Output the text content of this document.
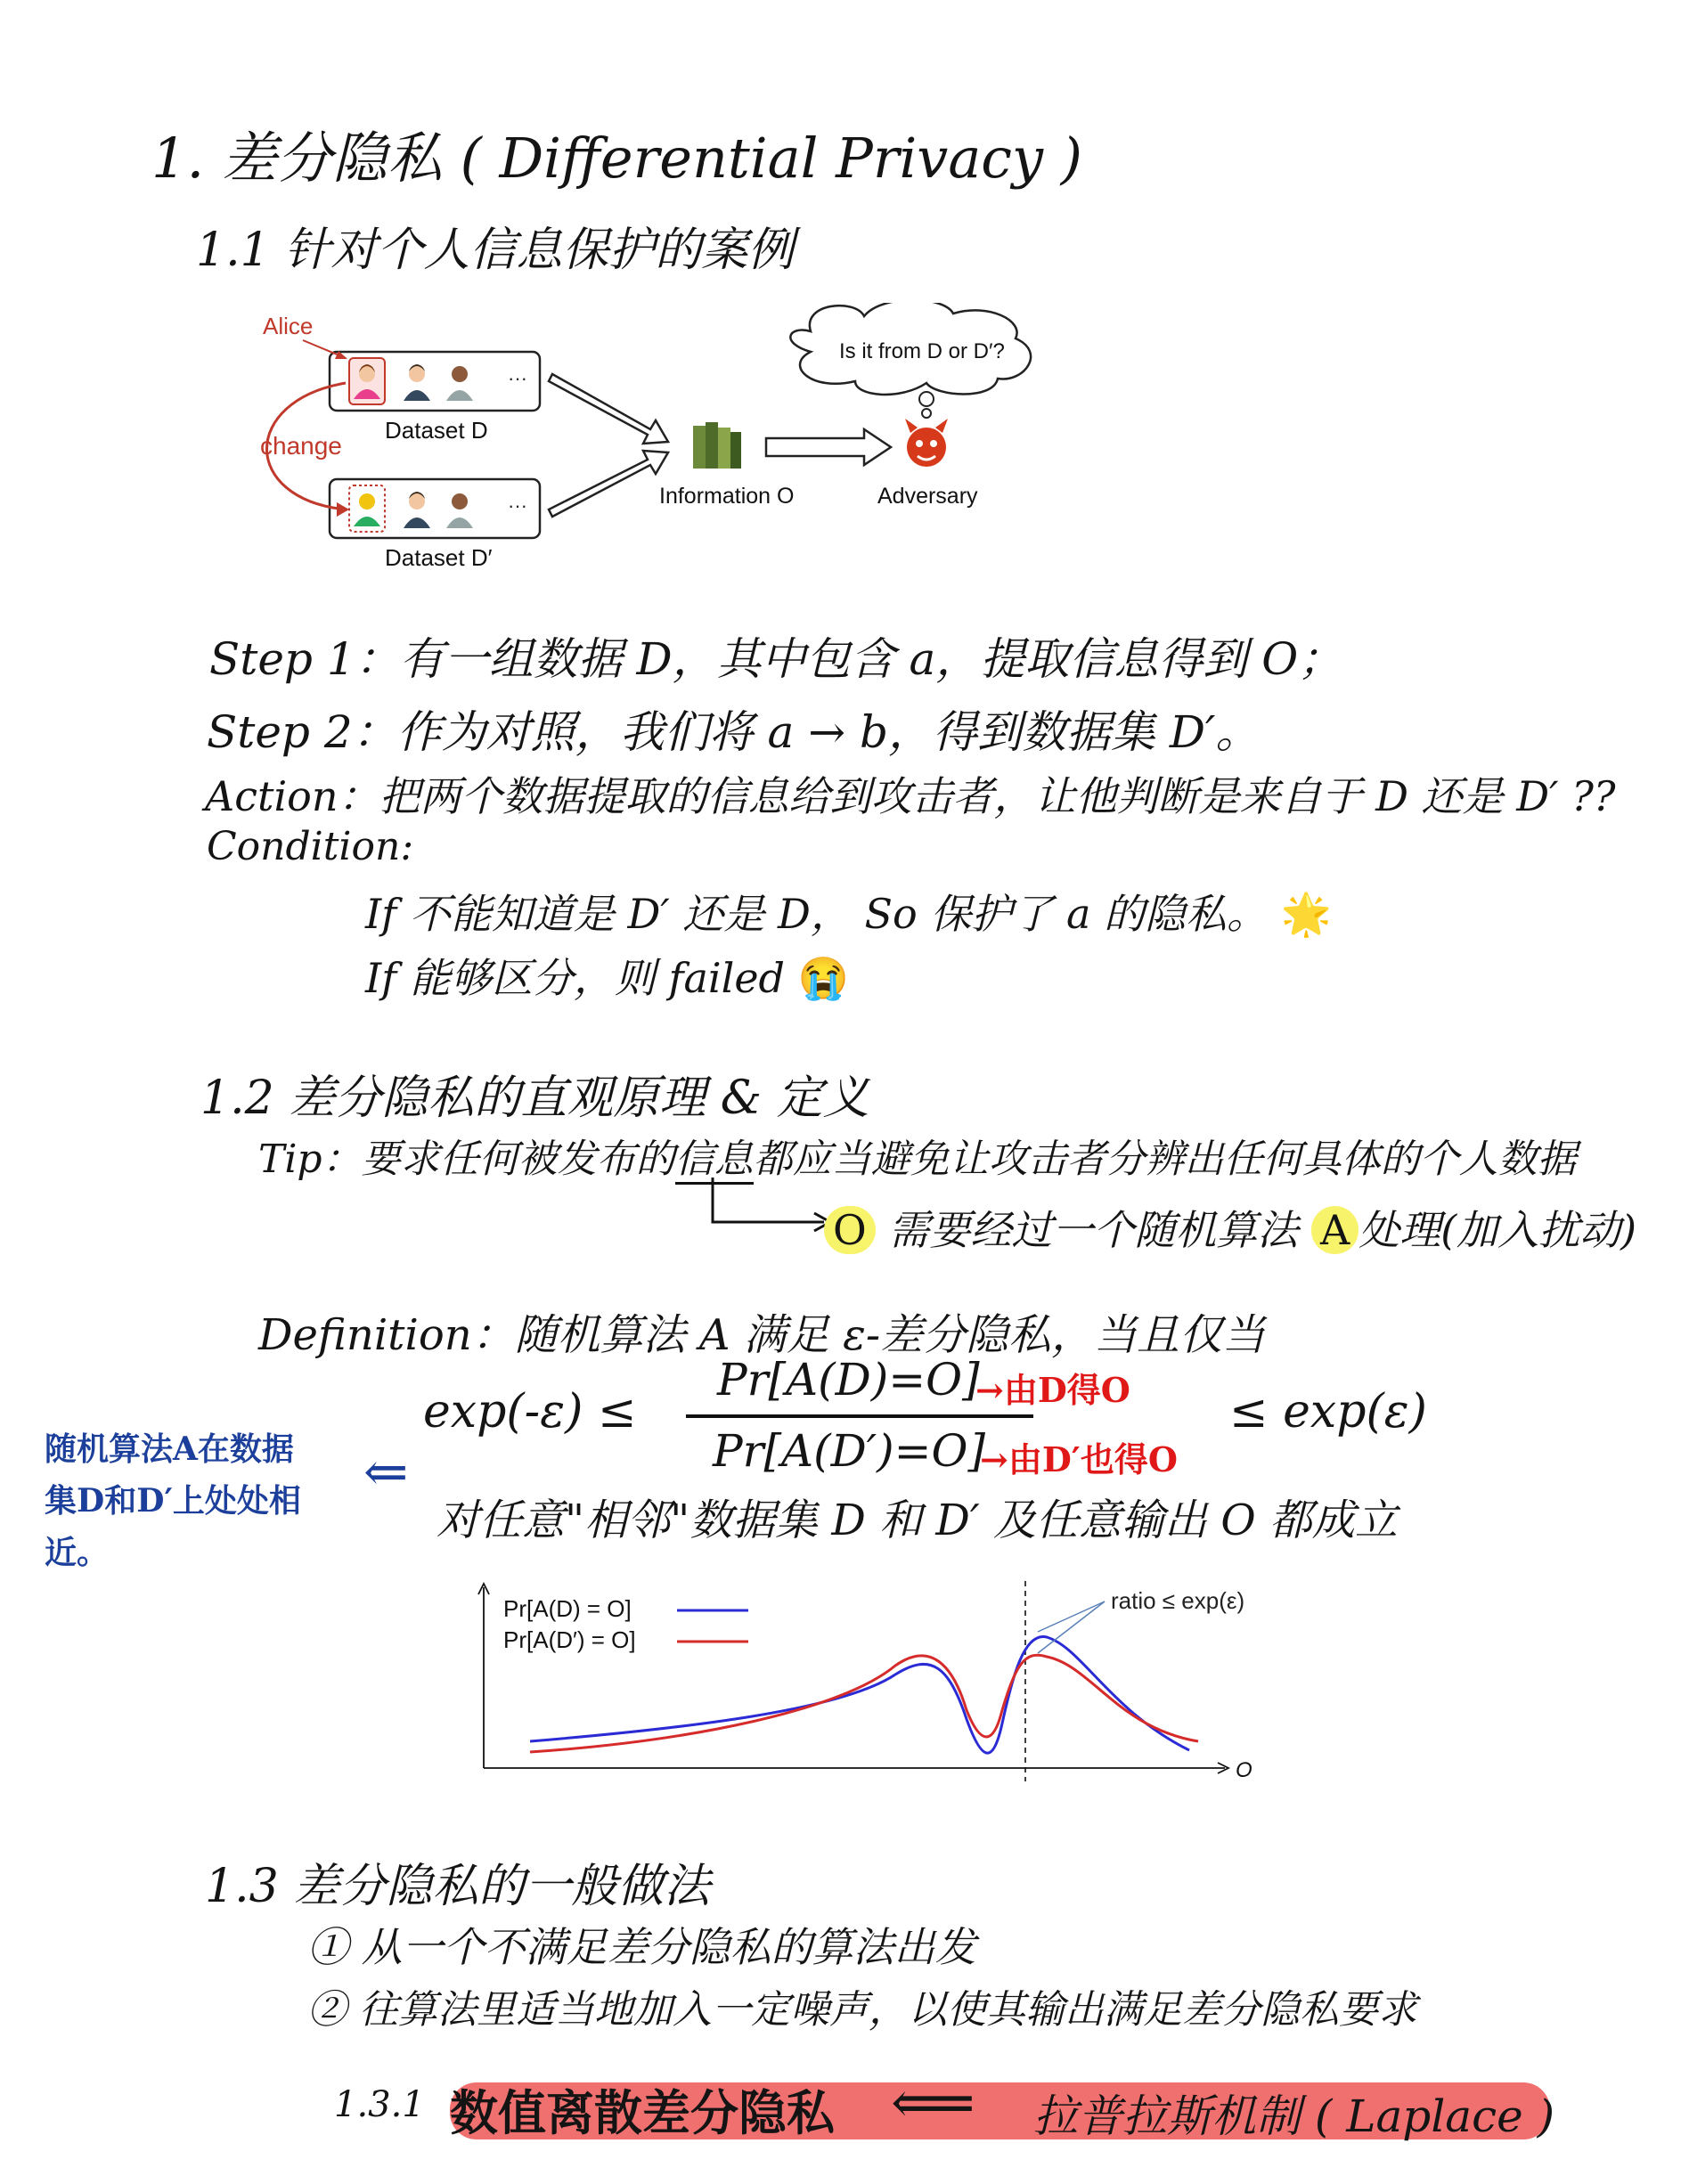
1. 差分隐私 ( Differential Privacy )
1.1 针对个人信息保护的案例
···
···
Alice
change
Dataset D
Dataset D′
Information O	Adversary
Is it from D or D′?
Step 1：有一组数据 D，其中包含 a，提取信息得到 O；
Step 2：作为对照，我们将 a → b，得到数据集 D′。
Action：把两个数据提取的信息给到攻击者，让他判断是来自于 D 还是 D′ ??
Condition:
If 不能知道是 D′ 还是 D， So 保护了 a 的隐私。 🌟
If 能够区分，则 failed 😭
1.2 差分隐私的直观原理 & 定义
Tip：要求任何被发布的信息都应当避免让攻击者分辨出任何具体的个人数据
O 需要经过一个随机算法 A 处理(加入扰动)
Definition：随机算法 A 满足 ε-差分隐私，当且仅当
exp(-ε) ≤
Pr[A(D)=O]
→由D得O
Pr[A(D′)=O]
→由D′也得O
≤ exp(ε)
对任意"相邻"数据集 D 和 D′ 及任意输出 O 都成立
随机算法A在数据
集D和D′上处处相
近。
⇐
O
Pr[A(D) = O]
Pr[A(D′) = O]
ratio ≤ exp(ε)
1.3 差分隐私的一般做法
① 从一个不满足差分隐私的算法出发
② 往算法里适当地加入一定噪声，以使其输出满足差分隐私要求
1.3.1 数值离散差分隐私 ⟸ 拉普拉斯机制 ( Laplace )
